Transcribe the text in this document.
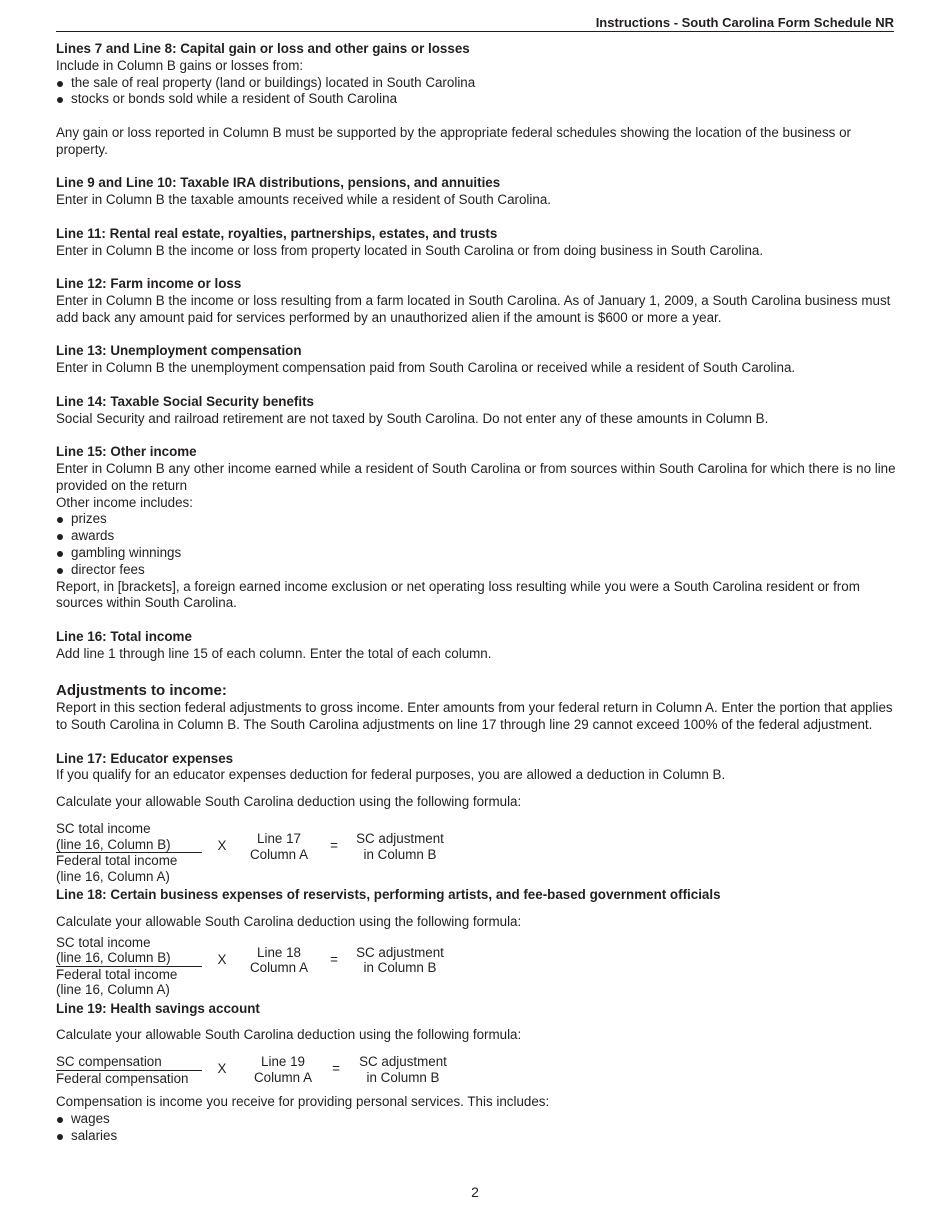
Instructions - South Carolina Form Schedule NR
Lines 7 and Line 8: Capital gain or loss and other gains or losses

Include in Column B gains or losses from:

the sale of real property (land or buildings) located in South Carolina
stocks or bonds sold while a resident of South Carolina

Any gain or loss reported in Column B must be supported by the appropriate federal schedules showing the location of the business or property.

Line 9 and Line 10: Taxable IRA distributions, pensions, and annuities

Enter in Column B the taxable amounts received while a resident of South Carolina.

Line 11: Rental real estate, royalties, partnerships, estates, and trusts

Enter in Column B the income or loss from property located in South Carolina or from doing business in South Carolina.

Line 12: Farm income or loss

Enter in Column B the income or loss resulting from a farm located in South Carolina. As of January 1, 2009, a South Carolina business must add back any amount paid for services performed by an unauthorized alien if the amount is $600 or more a year.

Line 13: Unemployment compensation

Enter in Column B the unemployment compensation paid from South Carolina or received while a resident of South Carolina.

Line 14: Taxable Social Security benefits

Social Security and railroad retirement are not taxed by South Carolina. Do not enter any of these amounts in Column B.

Line 15: Other income

Enter in Column B any other income earned while a resident of South Carolina or from sources within South Carolina for which there is no line provided on the return

Other income includes:

prizes
awards
gambling winnings
director fees

Report, in [brackets], a foreign earned income exclusion or net operating loss resulting while you were a South Carolina resident or from sources within South Carolina.

Line 16: Total income

Add line 1 through line 15 of each column. Enter the total of each column.

Adjustments to income:

Report in this section federal adjustments to gross income. Enter amounts from your federal return in Column A. Enter the portion that applies to South Carolina in Column B. The South Carolina adjustments on line 17 through line 29 cannot exceed 100% of the federal adjustment.

Line 17: Educator expenses

If you qualify for an educator expenses deduction for federal purposes, you are allowed a deduction in Column B.

Calculate your allowable South Carolina deduction using the following formula:

SC total income
(line 16, Column B)
Federal total income
(line 16, Column A)
X	Line 17
Column A
=	SC adjustment
in Column B
Line 18: Certain business expenses of reservists, performing artists, and fee-based government officials

Calculate your allowable South Carolina deduction using the following formula:

SC total income
(line 16, Column B)
Federal total income
(line 16, Column A)
X	Line 18
Column A
=	SC adjustment
in Column B
Line 19: Health savings account

Calculate your allowable South Carolina deduction using the following formula:

SC compensation
Federal compensation
X	Line 19
Column A
=	SC adjustment
in Column B

Compensation is income you receive for providing personal services. This includes:

wages
salaries
2
